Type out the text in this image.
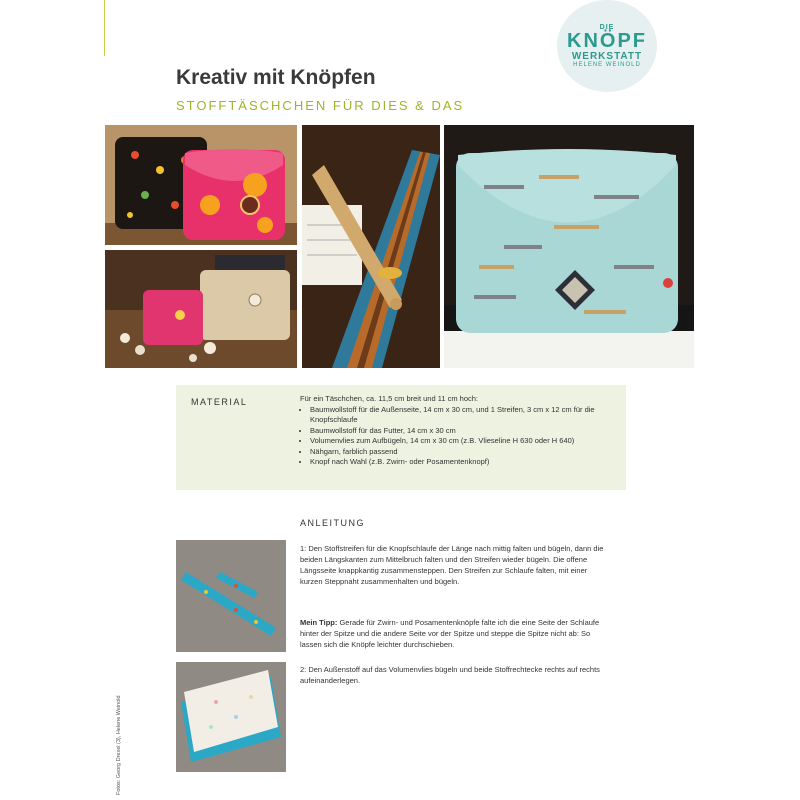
DIE
KNÖPF
WERKSTATT
HELENE WEINOLD
Kreativ mit Knöpfen
STOFFTÄSCHCHEN FÜR DIES & DAS
MATERIAL	Für ein Täschchen, ca. 11,5 cm breit und 11 cm hoch:
• Baumwollstoff für die Außenseite, 14 cm x 30 cm, und 1 Streifen, 3 cm x 12 cm für die Knopfschlaufe
• Baumwollstoff für das Futter, 14 cm x 30 cm
• Volumenvlies zum Aufbügeln, 14 cm x 30 cm (z.B. Vlieseline H 630 oder H 640)
• Nähgarn, farblich passend
• Knopf nach Wahl (z.B. Zwirn- oder Posamentenknopf)
ANLEITUNG

1: Den Stoffstreifen für die Knopfschlaufe der Länge nach mittig falten und bügeln, dann die beiden Längskanten zum Mittelbruch falten und den Streifen wieder bügeln. Die offene Längsseite knappkantig zusammensteppen. Den Streifen zur Schlaufe falten, mit einer kurzen Steppnaht zusammenhalten und bügeln.

Mein Tipp: Gerade für Zwirn- und Posamentenknöpfe falte ich die eine Seite der Schlaufe hinter der Spitze und die andere Seite vor der Spitze und steppe die Spitze nicht ab: So lassen sich die Knöpfe leichter durchschieben.

2: Den Außenstoff auf das Volumenvlies bügeln und beide Stoffrechtecke rechts auf rechts aufeinanderlegen.

Fotos: Georg Drexel (3), Helene Weinold
